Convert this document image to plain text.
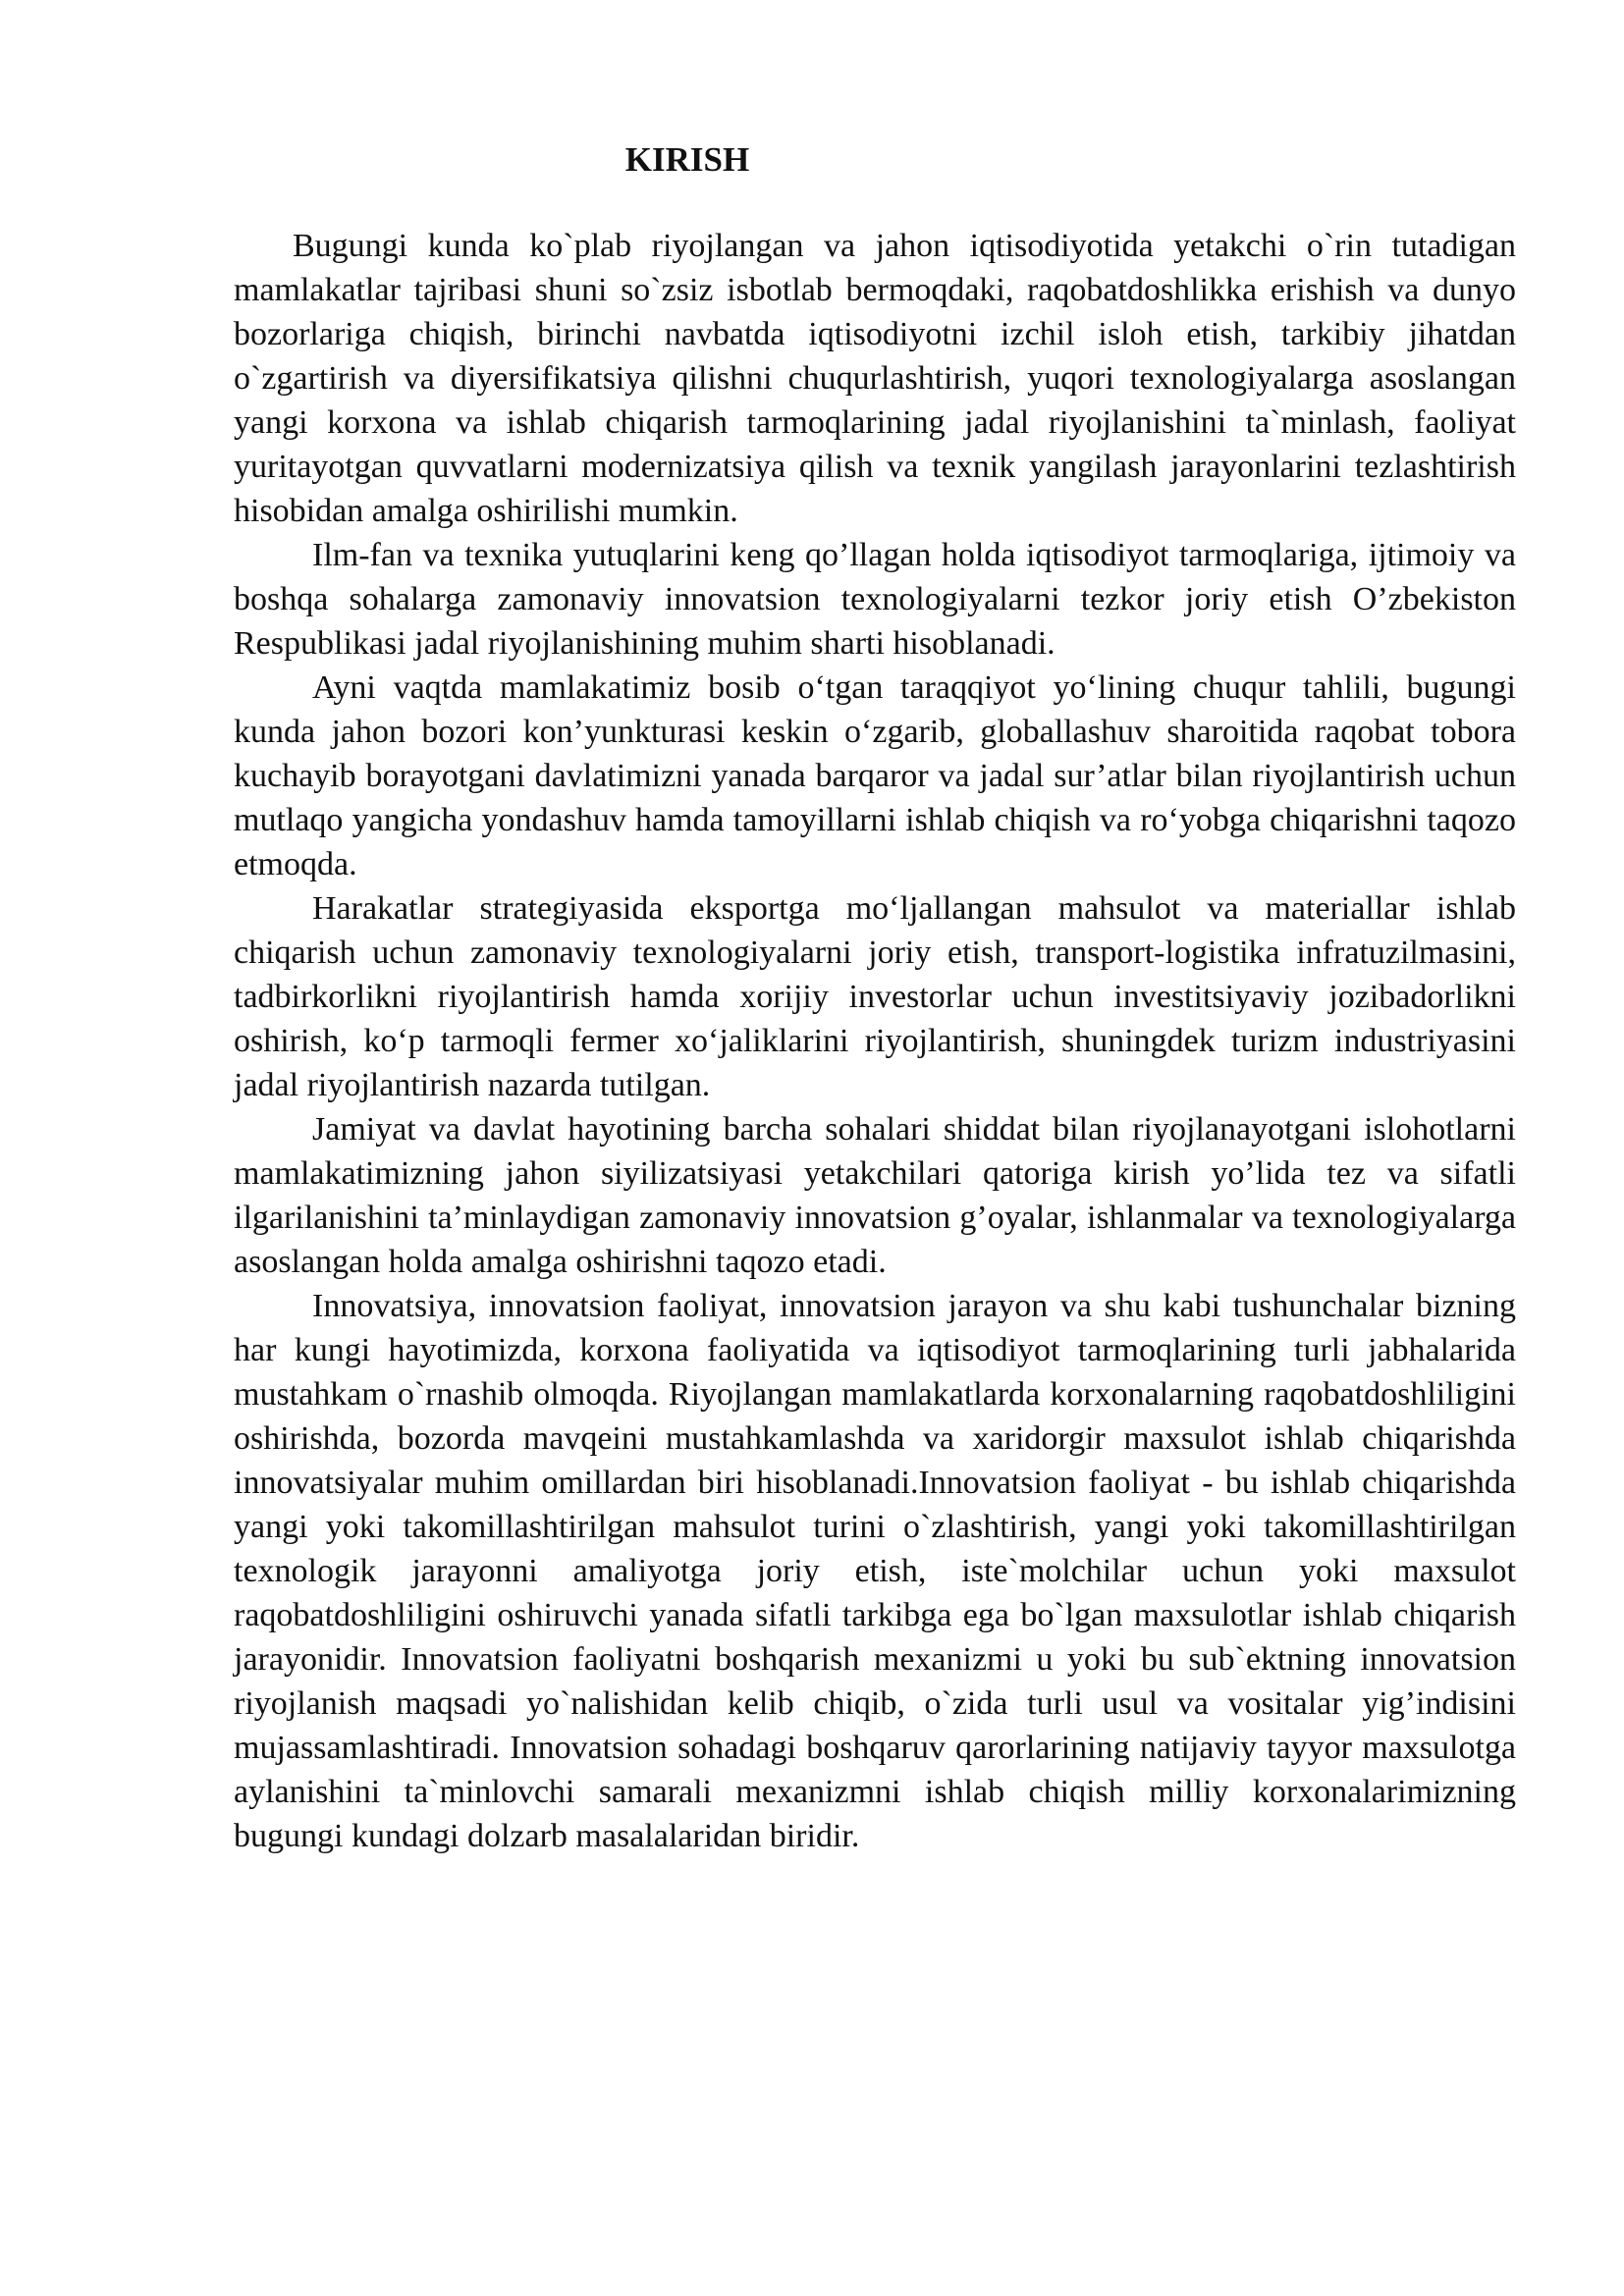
KIRISH

Bugungi kunda ko`plab riyojlangan va jahon iqtisodiyotida yetakchi o`rin tutadigan mamlakatlar tajribasi shuni so`zsiz isbotlab bermoqdaki, raqobatdoshlikka erishish va dunyo bozorlariga chiqish, birinchi navbatda iqtisodiyotni izchil isloh etish, tarkibiy jihatdan o`zgartirish va diyersifikatsiya qilishni chuqurlashtirish, yuqori texnologiyalarga asoslangan yangi korxona va ishlab chiqarish tarmoqlarining jadal riyojlanishini ta`minlash, faoliyat yuritayotgan quvvatlarni modernizatsiya qilish va texnik yangilash jarayonlarini tezlashtirish hisobidan amalga oshirilishi mumkin.

Ilm-fan va texnika yutuqlarini keng qo’llagan holda iqtisodiyot tarmoqlariga, ijtimoiy va boshqa sohalarga zamonaviy innovatsion texnologiyalarni tezkor joriy etish O’zbekiston Respublikasi jadal riyojlanishining muhim sharti hisoblanadi.

Ayni vaqtda mamlakatimiz bosib o‘tgan taraqqiyot yo‘lining chuqur tahlili, bugungi kunda jahon bozori kon’yunkturasi keskin o‘zgarib, globallashuv sharoitida raqobat tobora kuchayib borayotgani davlatimizni yanada barqaror va jadal sur’atlar bilan riyojlantirish uchun mutlaqo yangicha yondashuv hamda tamoyillarni ishlab chiqish va ro‘yobga chiqarishni taqozo etmoqda.

Harakatlar strategiyasida eksportga mo‘ljallangan mahsulot va materiallar ishlab chiqarish uchun zamonaviy texnologiyalarni joriy etish, transport-logistika infratuzilmasini, tadbirkorlikni riyojlantirish hamda xorijiy investorlar uchun investitsiyaviy jozibadorlikni oshirish, ko‘p tarmoqli fermer xo‘jaliklarini riyojlantirish, shuningdek turizm industriyasini jadal riyojlantirish nazarda tutilgan.

Jamiyat va davlat hayotining barcha sohalari shiddat bilan riyojlanayotgani islohotlarni mamlakatimizning jahon siyilizatsiyasi yetakchilari qatoriga kirish yo’lida tez va sifatli ilgarilanishini ta’minlaydigan zamonaviy innovatsion g’oyalar, ishlanmalar va texnologiyalarga asoslangan holda amalga oshirishni taqozo etadi.

Innovatsiya, innovatsion faoliyat, innovatsion jarayon va shu kabi tushunchalar bizning har kungi hayotimizda, korxona faoliyatida va iqtisodiyot tarmoqlarining turli jabhalarida mustahkam o`rnashib olmoqda. Riyojlangan mamlakatlarda korxonalarning raqobatdoshliligini oshirishda, bozorda mavqeini mustahkamlashda va xaridorgir maxsulot ishlab chiqarishda innovatsiyalar muhim omillardan biri hisoblanadi.Innovatsion faoliyat - bu ishlab chiqarishda yangi yoki takomillashtirilgan mahsulot turini o`zlashtirish, yangi yoki takomillashtirilgan texnologik jarayonni amaliyotga joriy etish, iste`molchilar uchun yoki maxsulot raqobatdoshliligini oshiruvchi yanada sifatli tarkibga ega bo`lgan maxsulotlar ishlab chiqarish jarayonidir. Innovatsion faoliyatni boshqarish mexanizmi u yoki bu sub`ektning innovatsion riyojlanish maqsadi yo`nalishidan kelib chiqib, o`zida turli usul va vositalar yig’indisini mujassamlashtiradi. Innovatsion sohadagi boshqaruv qarorlarining natijaviy tayyor maxsulotga aylanishini ta`minlovchi samarali mexanizmni ishlab chiqish milliy korxonalarimizning bugungi kundagi dolzarb masalalaridan biridir.
